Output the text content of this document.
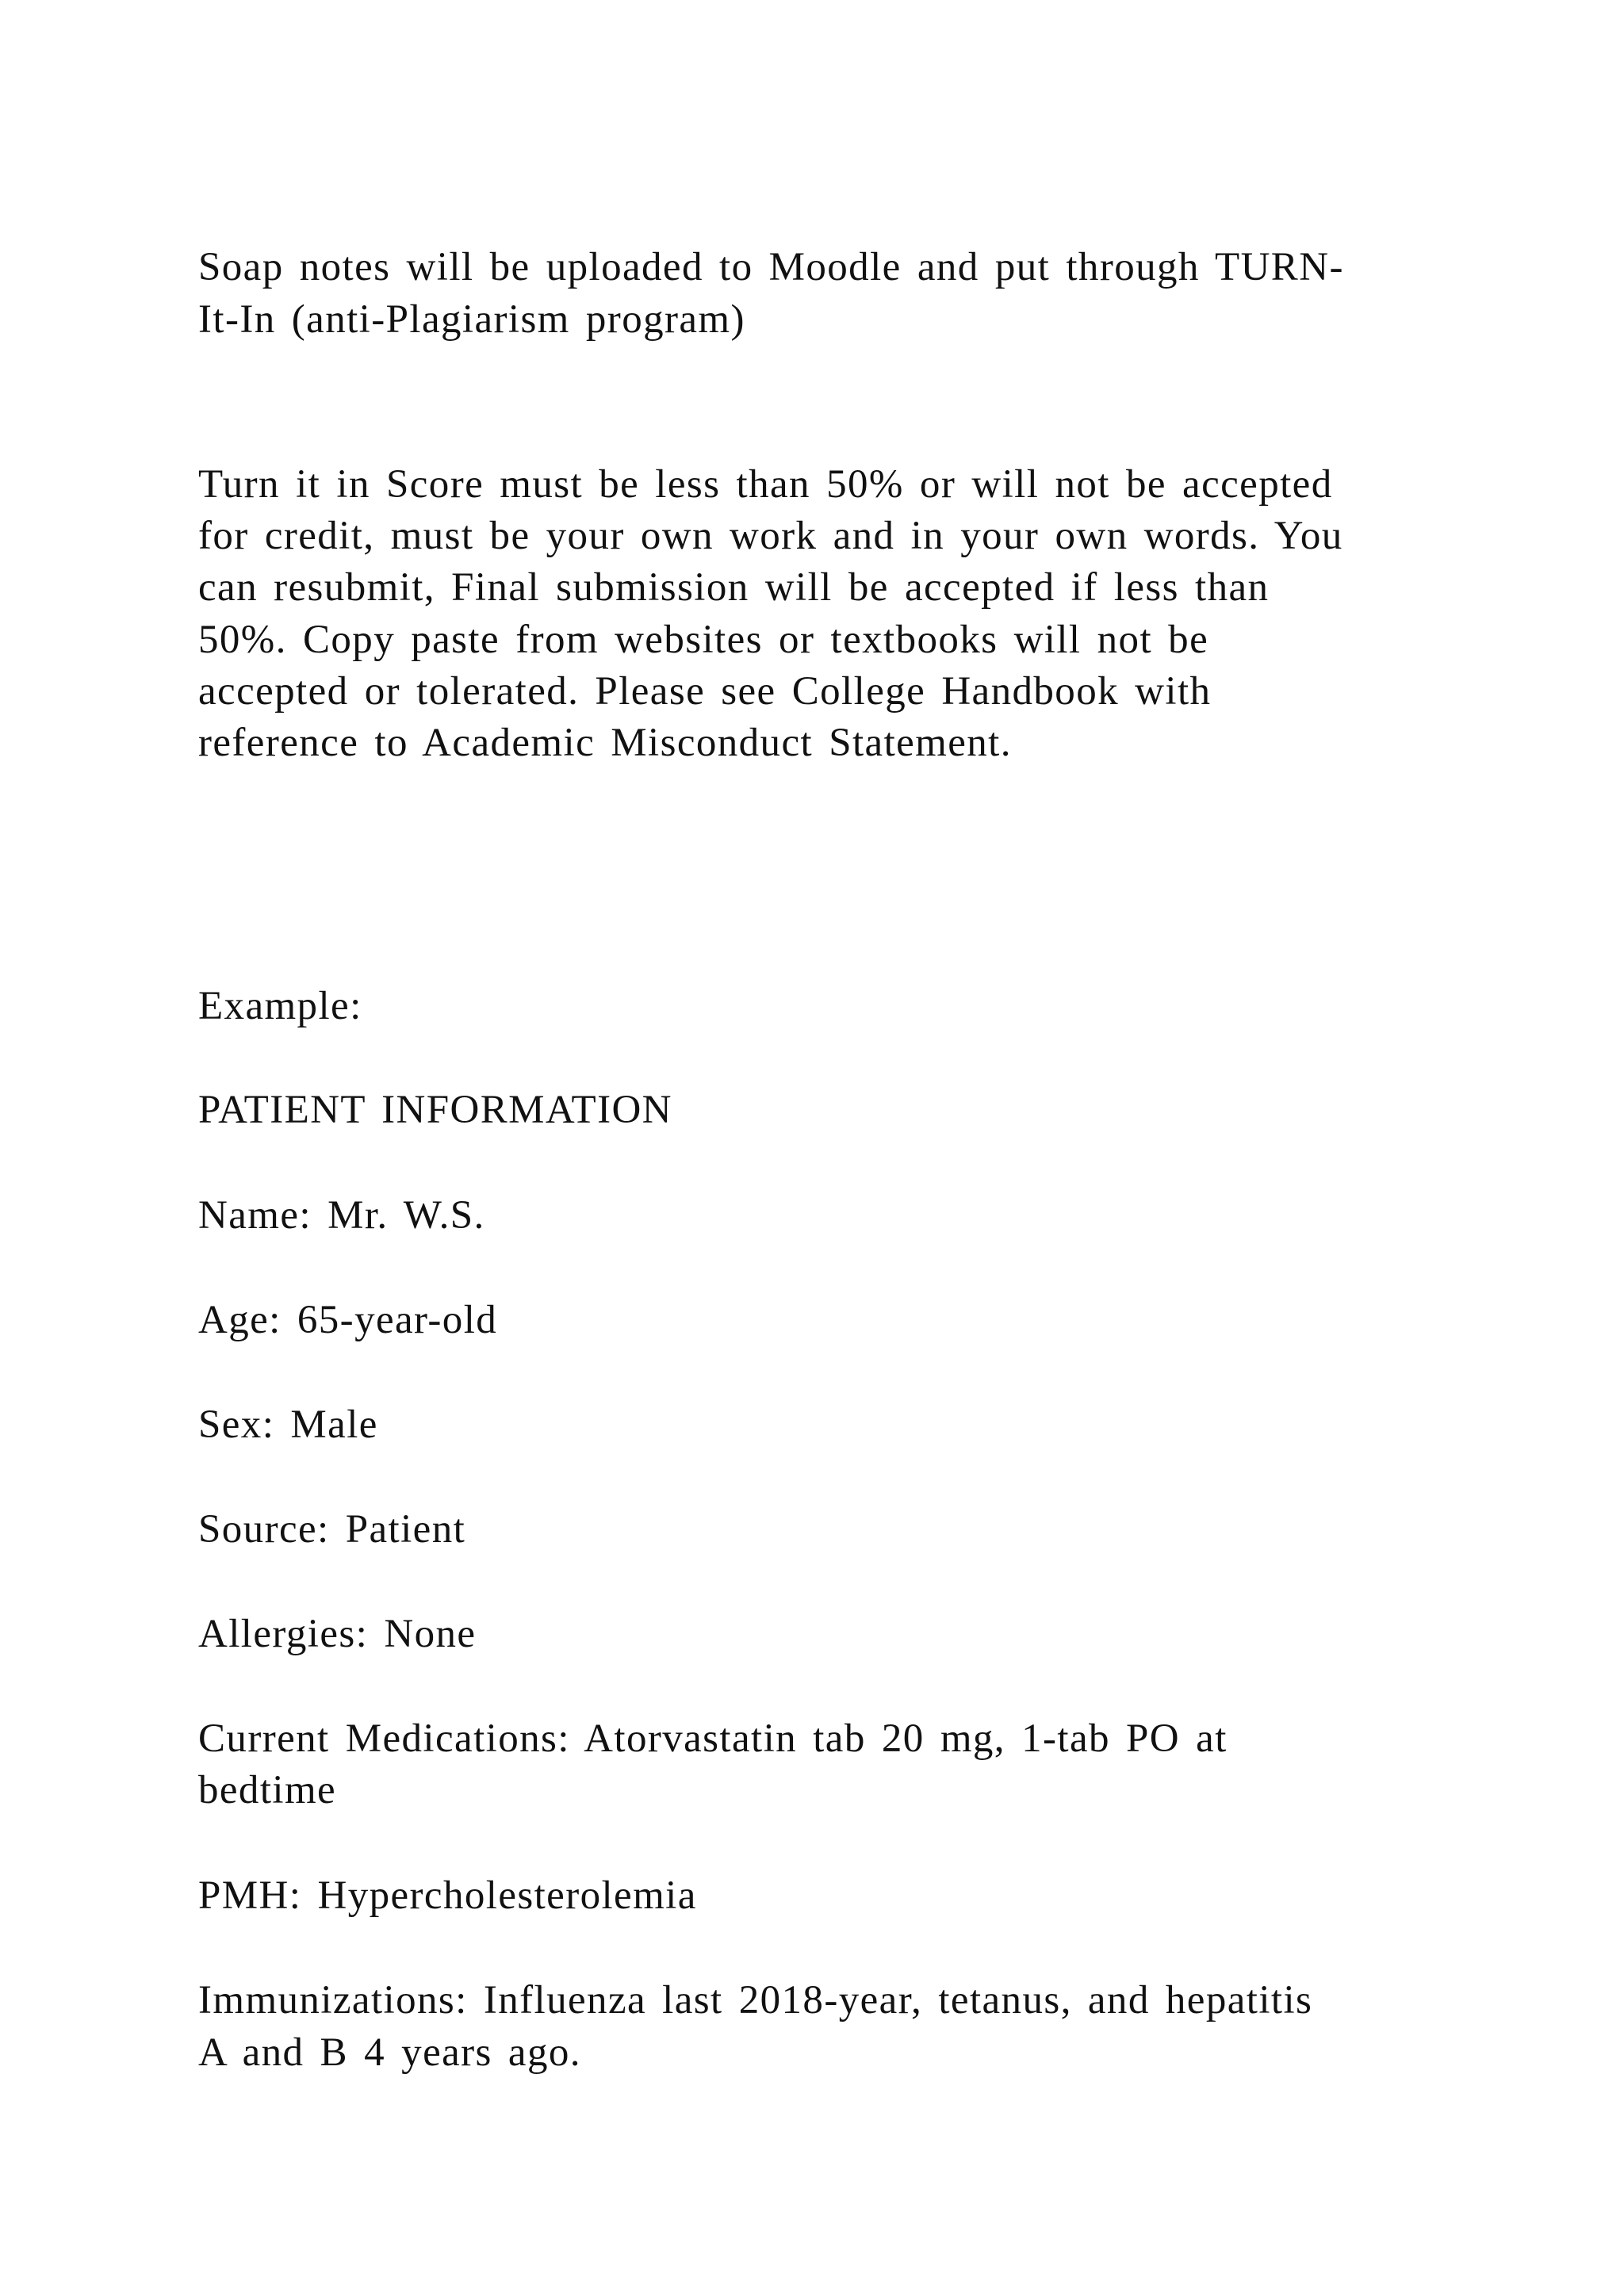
Soap notes will be uploaded to Moodle and put through TURN-
It-In (anti-Plagiarism program)
Turn it in Score must be less than 50% or will not be accepted
for credit, must be your own work and in your own words. You
can resubmit, Final submission will be accepted if less than
50%. Copy paste from websites or textbooks will not be
accepted or tolerated. Please see College Handbook with
reference to Academic Misconduct Statement.
Example:
PATIENT INFORMATION
Name: Mr. W.S.
Age: 65-year-old
Sex: Male
Source: Patient
Allergies: None
Current Medications: Atorvastatin tab 20 mg, 1-tab PO at
bedtime
PMH: Hypercholesterolemia
Immunizations: Influenza last 2018-year, tetanus, and hepatitis
A and B 4 years ago.
